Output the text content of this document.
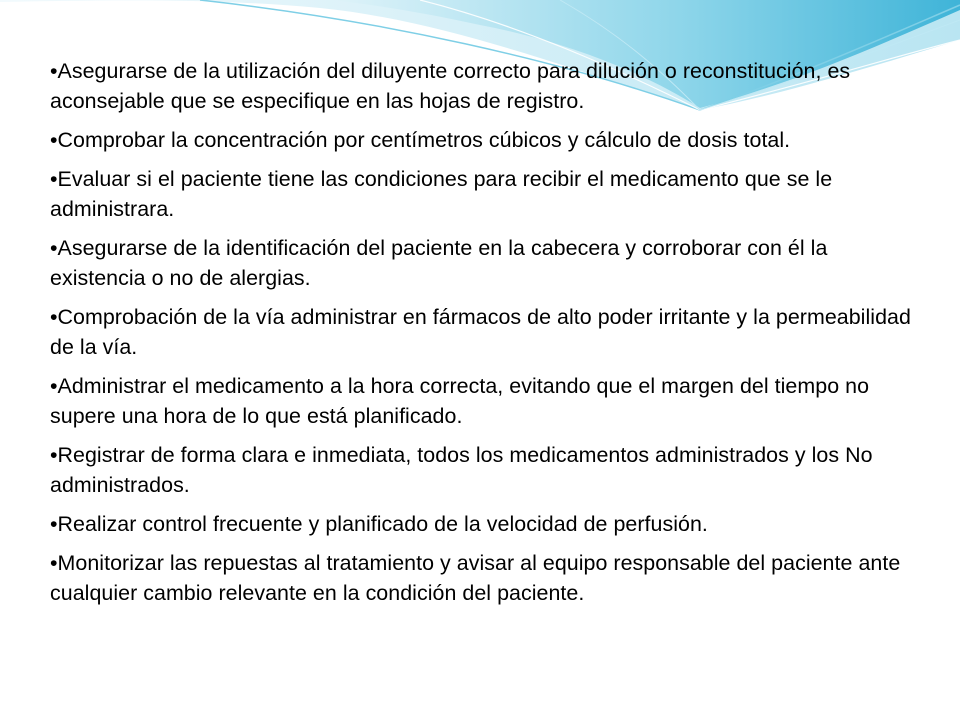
•Asegurarse de la utilización del diluyente correcto para dilución o reconstitución, es aconsejable que se especifique en las hojas de registro.

•Comprobar la concentración por centímetros cúbicos y cálculo de dosis total.

•Evaluar si el paciente tiene las condiciones para recibir el medicamento que se le administrara.

•Asegurarse de la identificación del paciente en la cabecera y corroborar con él la existencia o no de alergias.

•Comprobación de la vía administrar en fármacos de alto poder irritante y la permeabilidad de la vía.

•Administrar el medicamento a la hora correcta, evitando que el margen del tiempo no supere una hora de lo que está planificado.

•Registrar de forma clara e inmediata, todos los medicamentos administrados y los No administrados.

•Realizar control frecuente y planificado de la velocidad de perfusión.

•Monitorizar las repuestas al tratamiento y avisar al equipo responsable del paciente ante cualquier cambio relevante en la condición del paciente.
